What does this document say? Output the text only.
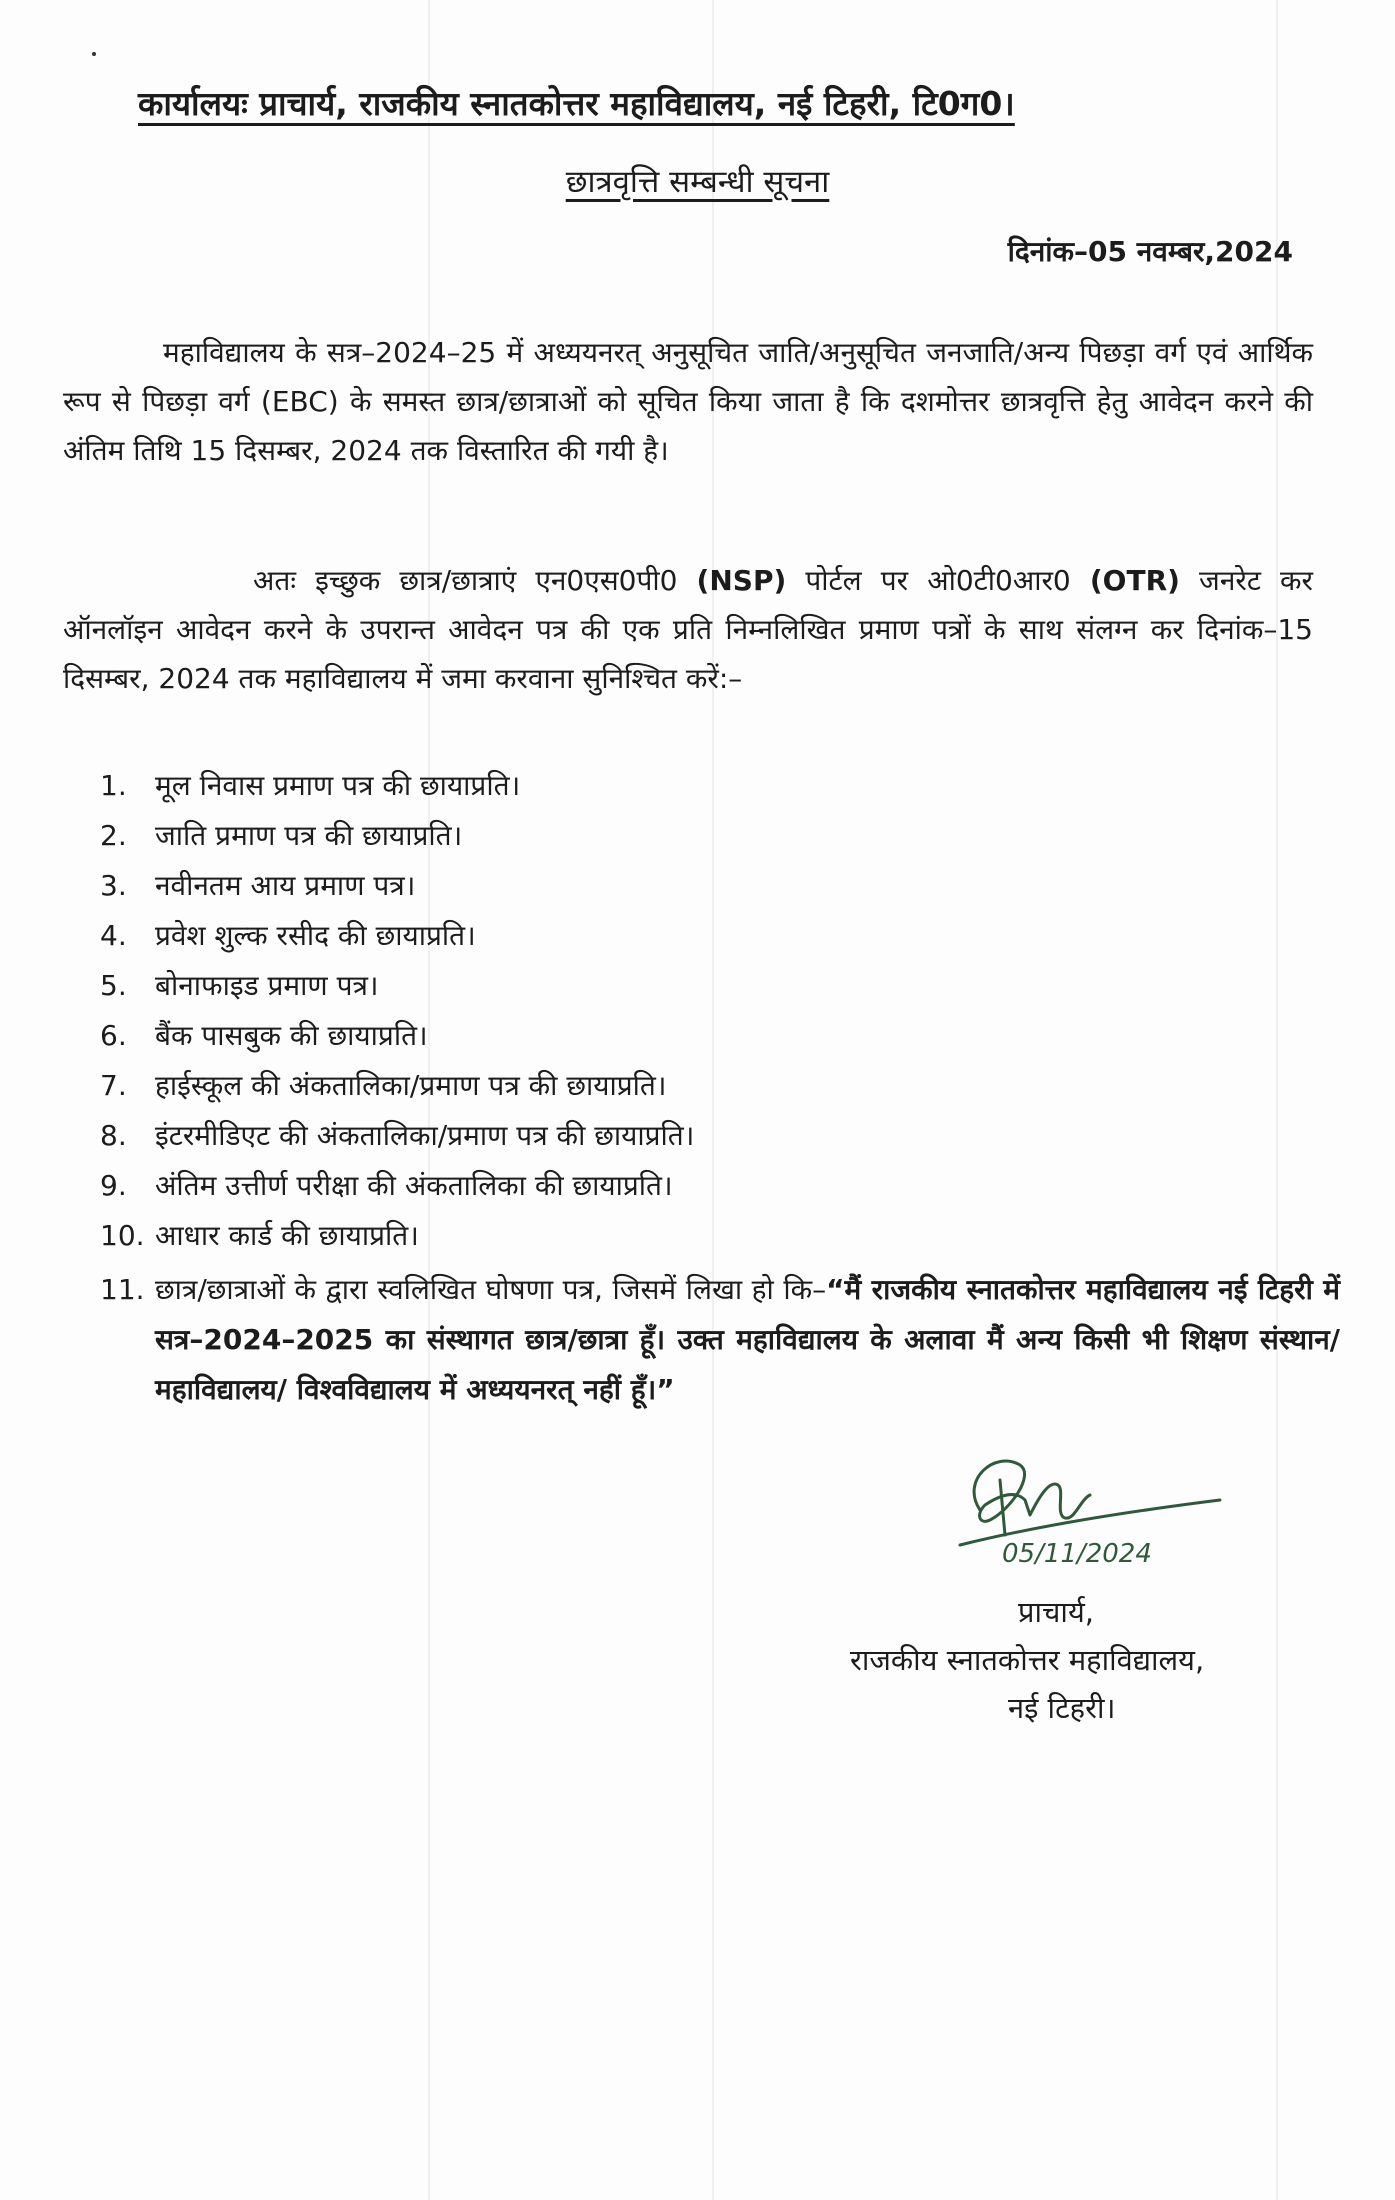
कार्यालयः प्राचार्य, राजकीय स्नातकोत्तर महाविद्यालय, नई टिहरी, टि0ग0।
छात्रवृत्ति सम्बन्धी सूचना
दिनांक–05 नवम्बर,2024

महाविद्यालय के सत्र–2024–25 में अध्ययनरत् अनुसूचित जाति/अनुसूचित जनजाति/अन्य पिछड़ा वर्ग एवं आर्थिक रूप से पिछड़ा वर्ग (EBC) के समस्त छात्र/छात्राओं को सूचित किया जाता है कि दशमोत्तर छात्रवृत्ति हेतु आवेदन करने की अंतिम तिथि 15 दिसम्बर, 2024 तक विस्तारित की गयी है।

अतः इच्छुक छात्र/छात्राएं एन0एस0पी0 (NSP) पोर्टल पर ओ0टी0आर0 (OTR) जनरेट कर ऑनलॉइन आवेदन करने के उपरान्त आवेदन पत्र की एक प्रति निम्नलिखित प्रमाण पत्रों के साथ संलग्न कर दिनांक–15 दिसम्बर, 2024 तक महाविद्यालय में जमा करवाना सुनिश्चित करें:–

1.	मूल निवास प्रमाण पत्र की छायाप्रति।
2.	जाति प्रमाण पत्र की छायाप्रति।
3.	नवीनतम आय प्रमाण पत्र।
4.	प्रवेश शुल्क रसीद की छायाप्रति।
5.	बोनाफाइड प्रमाण पत्र।
6.	बैंक पासबुक की छायाप्रति।
7.	हाईस्कूल की अंकतालिका/प्रमाण पत्र की छायाप्रति।
8.	इंटरमीडिएट की अंकतालिका/प्रमाण पत्र की छायाप्रति।
9.	अंतिम उत्तीर्ण परीक्षा की अंकतालिका की छायाप्रति।
10. आधार कार्ड की छायाप्रति।
11. छात्र/छात्राओं के द्वारा स्वलिखित घोषणा पत्र, जिसमें लिखा हो कि–“मैं राजकीय स्नातकोत्तर महाविद्यालय नई टिहरी में सत्र–2024–2025 का संस्थागत छात्र/छात्रा हूँ। उक्त महाविद्यालय के अलावा मैं अन्य किसी भी शिक्षण संस्थान/ महाविद्यालय/ विश्वविद्यालय में अध्ययनरत् नहीं हूँ।”
05/11/2024
प्राचार्य,
राजकीय स्नातकोत्तर महाविद्यालय,
नई टिहरी।
